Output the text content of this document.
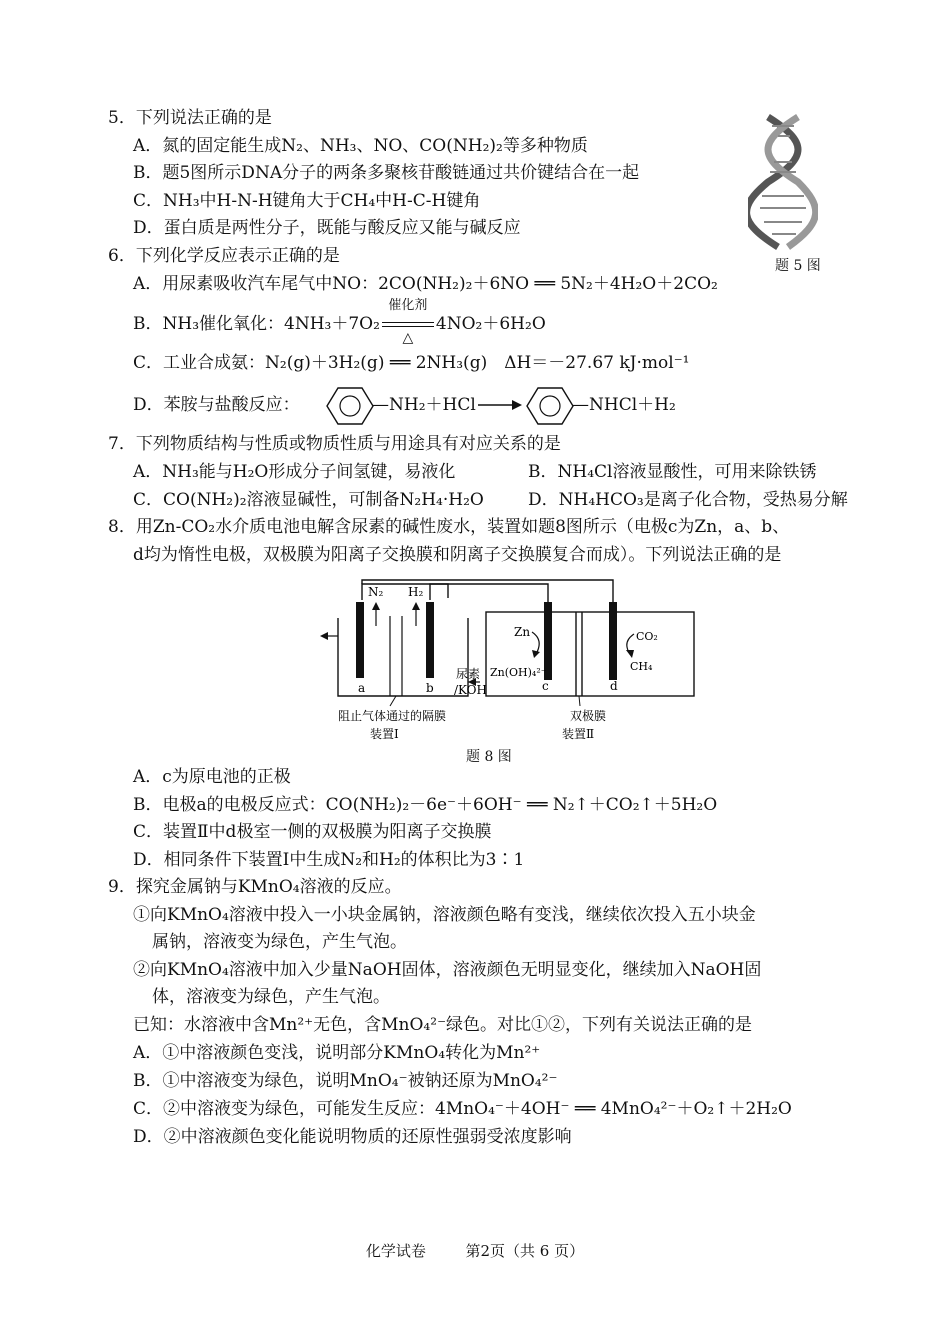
5．下列说法正确的是
A．氮的固定能生成N₂、NH₃、NO、CO(NH₂)₂等多种物质
B．题5图所示DNA分子的两条多聚核苷酸链通过共价键结合在一起
C．NH₃中H-N-H键角大于CH₄中H-C-H键角
D．蛋白质是两性分子，既能与酸反应又能与碱反应
题 5 图
6．下列化学反应表示正确的是
A．用尿素吸收汽车尾气中NO：2CO(NH₂)₂＋6NO ══ 5N₂＋4H₂O＋2CO₂
B．NH₃催化氧化：4NH₃＋7O₂
催化剂
△
4NO₂＋6H₂O
C．工业合成氨：N₂(g)＋3H₂(g) ══ 2NH₃(g)　ΔH＝－27.67 kJ·mol⁻¹
D．苯胺与盐酸反应：	—NH₂＋HCl →	—NHCl＋H₂
7．下列物质结构与性质或物质性质与用途具有对应关系的是
A．NH₃能与H₂O形成分子间氢键，易液化	B．NH₄Cl溶液显酸性，可用来除铁锈
C．CO(NH₂)₂溶液显碱性，可制备N₂H₄·H₂O	D．NH₄HCO₃是离子化合物，受热易分解
8．用Zn-CO₂水介质电池电解含尿素的碱性废水，装置如题8图所示（电极c为Zn，a、b、
d均为惰性电极，双极膜为阳离子交换膜和阴离子交换膜复合而成）。下列说法正确的是
N₂ H₂
a	b
尿素
/KOH
Zn
Zn(OH)₄²⁻
c
CO₂
CH₄
d
阻止气体通过的隔膜
装置Ⅰ
双极膜
装置Ⅱ
题 8 图
A．c为原电池的正极
B．电极a的电极反应式：CO(NH₂)₂－6e⁻＋6OH⁻ ══ N₂↑＋CO₂↑＋5H₂O
C．装置Ⅱ中d极室一侧的双极膜为阳离子交换膜
D．相同条件下装置Ⅰ中生成N₂和H₂的体积比为3∶1
9．探究金属钠与KMnO₄溶液的反应。
①向KMnO₄溶液中投入一小块金属钠，溶液颜色略有变浅，继续依次投入五小块金
属钠，溶液变为绿色，产生气泡。
②向KMnO₄溶液中加入少量NaOH固体，溶液颜色无明显变化，继续加入NaOH固
体，溶液变为绿色，产生气泡。
已知：水溶液中含Mn²⁺无色，含MnO₄²⁻绿色。对比①②，下列有关说法正确的是
A．①中溶液颜色变浅，说明部分KMnO₄转化为Mn²⁺
B．①中溶液变为绿色，说明MnO₄⁻被钠还原为MnO₄²⁻
C．②中溶液变为绿色，可能发生反应：4MnO₄⁻＋4OH⁻ ══ 4MnO₄²⁻＋O₂↑＋2H₂O
D．②中溶液颜色变化能说明物质的还原性强弱受浓度影响
化学试卷	第2页（共 6 页）
